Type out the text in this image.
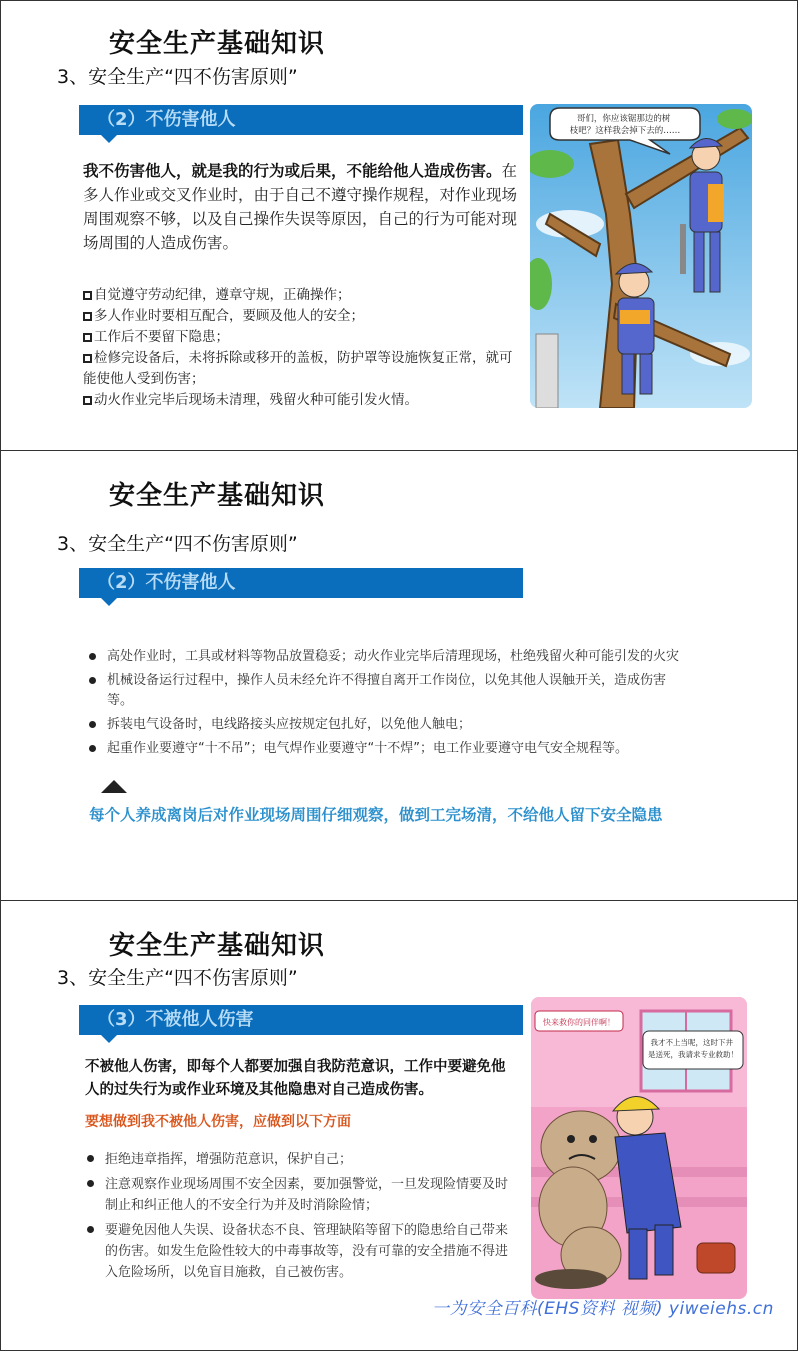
安全生产基础知识
3、安全生产“四不伤害原则”
（2）不伤害他人
我不伤害他人，就是我的行为或后果，不能给他人造成伤害。在多人作业或交叉作业时，由于自己不遵守操作规程，对作业现场周围观察不够，以及自己操作失误等原因，自己的行为可能对现场周围的人造成伤害。
自觉遵守劳动纪律，遵章守规，正确操作；
多人作业时要相互配合，要顾及他人的安全；
工作后不要留下隐患；
检修完设备后，未将拆除或移开的盖板，防护罩等设施恢复正常，就可能使他人受到伤害；
动火作业完毕后现场未清理，残留火种可能引发火情。
哥们，你应该锯那边的树 枝吧？这样我会掉下去的……
安全生产基础知识
3、安全生产“四不伤害原则”
（2）不伤害他人
高处作业时，工具或材料等物品放置稳妥；动火作业完毕后清理现场，杜绝残留火种可能引发的火灾
机械设备运行过程中，操作人员未经允许不得擅自离开工作岗位，以免其他人误触开关，造成伤害等。
拆装电气设备时，电线路接头应按规定包扎好，以免他人触电；
起重作业要遵守“十不吊”；电气焊作业要遵守“十不焊”；电工作业要遵守电气安全规程等。
每个人养成离岗后对作业现场周围仔细观察，做到工完场清，不给他人留下安全隐患
安全生产基础知识
3、安全生产“四不伤害原则”
（3）不被他人伤害
不被他人伤害，即每个人都要加强自我防范意识，工作中要避免他人的过失行为或作业环境及其他隐患对自己造成伤害。
要想做到我不被他人伤害，应做到以下方面
拒绝违章指挥，增强防范意识，保护自己；
注意观察作业现场周围不安全因素，要加强警觉，一旦发现险情要及时制止和纠正他人的不安全行为并及时消除险情；
要避免因他人失误、设备状态不良、管理缺陷等留下的隐患给自己带来的伤害。如发生危险性较大的中毒事故等，没有可靠的安全措施不得进入危险场所，以免盲目施救，自己被伤害。
快来救你的同伴啊！
我才不上当呢，这时下井 是送死，我请求专业救助！
一为安全百科(EHS资料 视频) yiweiehs.cn
